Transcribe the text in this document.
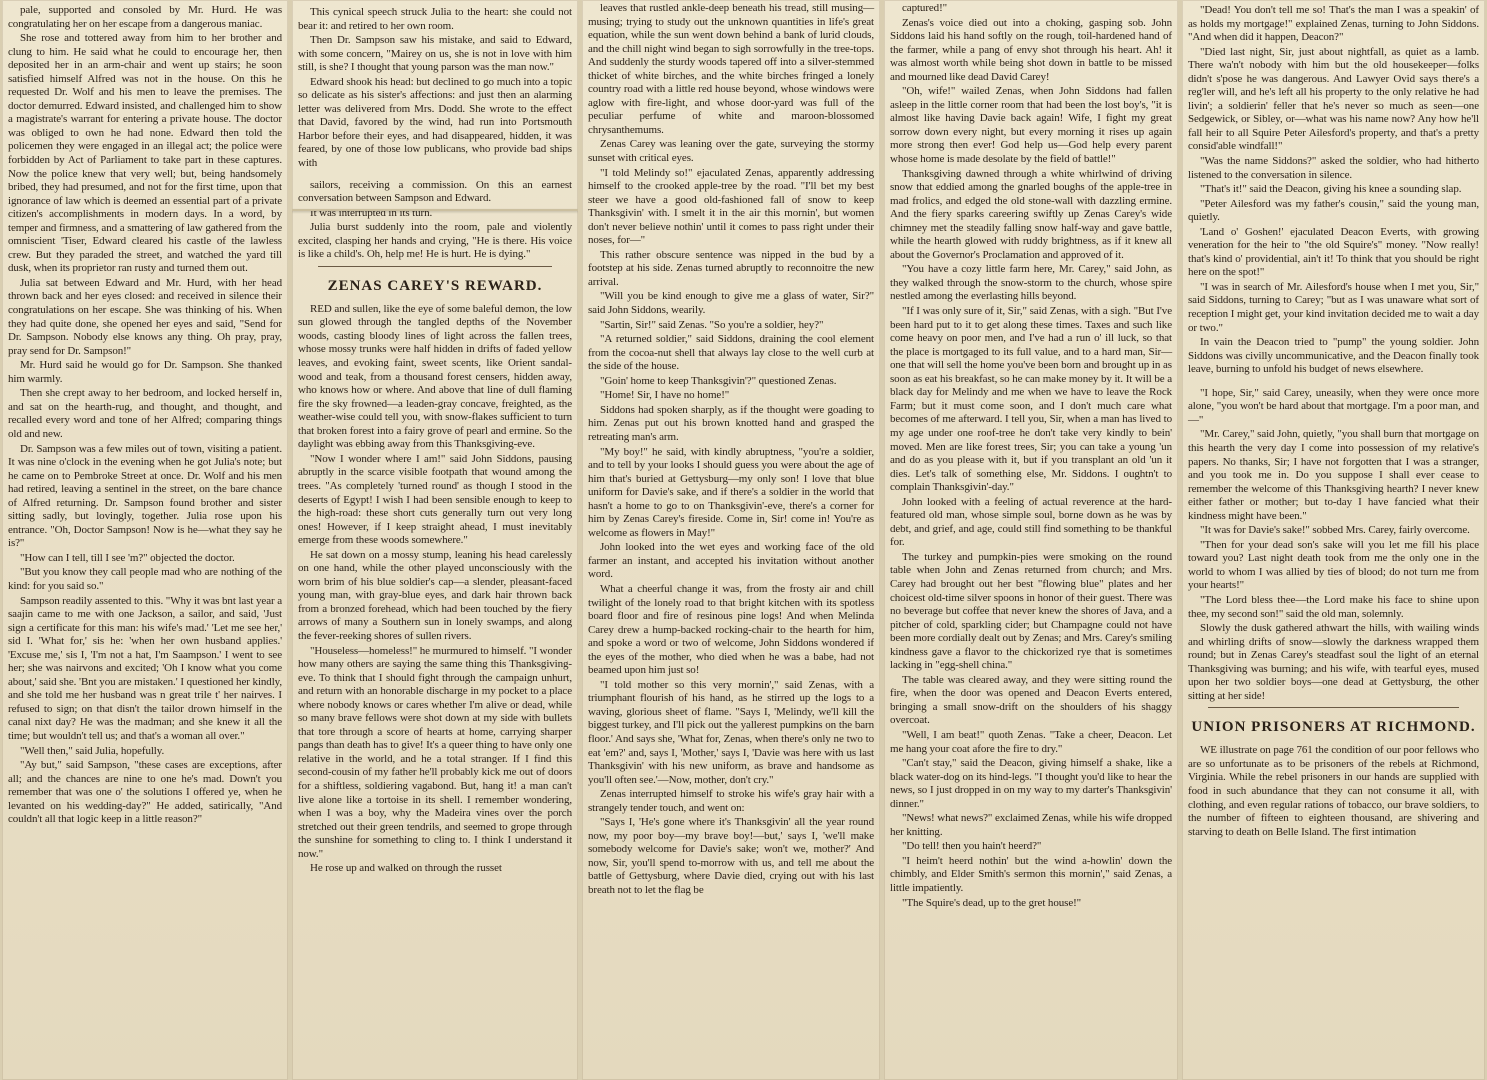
pale, supported and consoled by Mr. Hurd. He was congratulating her on her escape from a dangerous maniac.

She rose and tottered away from him to her brother and clung to him. He said what he could to encourage her, then deposited her in an arm-chair and went up stairs; he soon satisfied himself Alfred was not in the house. On this he requested Dr. Wolf and his men to leave the premises. The doctor demurred. Edward insisted, and challenged him to show a magistrate's warrant for entering a private house. The doctor was obliged to own he had none. Edward then told the policemen they were engaged in an illegal act; the police were forbidden by Act of Parliament to take part in these captures. Now the police knew that very well; but, being handsomely bribed, they had presumed, and not for the first time, upon that ignorance of law which is deemed an essential part of a private citizen's accomplishments in modern days. In a word, by temper and firmness, and a smattering of law gathered from the omniscient 'Tiser, Edward cleared his castle of the lawless crew. But they paraded the street, and watched the yard till dusk, when its proprietor ran rusty and turned them out.

Julia sat between Edward and Mr. Hurd, with her head thrown back and her eyes closed: and received in silence their congratulations on her escape. She was thinking of his. When they had quite done, she opened her eyes and said, "Send for Dr. Sampson. Nobody else knows any thing. Oh pray, pray, pray send for Dr. Sampson!"

Mr. Hurd said he would go for Dr. Sampson. She thanked him warmly.

Then she crept away to her bedroom, and locked herself in, and sat on the hearth-rug, and thought, and thought, and recalled every word and tone of her Alfred; comparing things old and new.

Dr. Sampson was a few miles out of town, visiting a patient. It was nine o'clock in the evening when he got Julia's note; but he came on to Pembroke Street at once. Dr. Wolf and his men had retired, leaving a sentinel in the street, on the bare chance of Alfred returning. Dr. Sampson found brother and sister sitting sadly, but lovingly, together. Julia rose upon his entrance. "Oh, Doctor Sampson! Now is he—what they say he is?"

"How can I tell, till I see 'm?" objected the doctor.

"But you know they call people mad who are nothing of the kind: for you said so."

Sampson readily assented to this. "Why it was bnt last year a saajin came to me with one Jackson, a sailor, and said, 'Just sign a certificate for this man: his wife's mad.' 'Let me see her,' sid I. 'What for,' sis he: 'when her own husband applies.' 'Excuse me,' sis I, 'I'm not a hat, I'm Saampson.' I went to see her; she was nairvons and excited; 'Oh I know what you come about,' said she. 'Bnt you are mistaken.' I questioned her kindly, and she told me her husband was n great trile t' her nairves. I refused to sign; on that disn't the tailor drown himself in the canal nixt day? He was the madman; and she knew it all the time; but wouldn't tell us; and that's a woman all over."

"Well then," said Julia, hopefully.

"Ay but," said Sampson, "these cases are exceptions, after all; and the chances are nine to one he's mad. Down't you remember that was one o' the solutions I offered ye, when he levanted on his wedding-day?" He added, satirically, "And couldn't all that logic keep in a little reason?"

This cynical speech struck Julia to the heart: she could not bear it: and retired to her own room.

Then Dr. Sampson saw his mistake, and said to Edward, with some concern, "Mairey on us, she is not in love with him still, is she? I thought that young parson was the man now."

Edward shook his head: but declined to go much into a topic so delicate as his sister's affections: and just then an alarming letter was delivered from Mrs. Dodd. She wrote to the effect that David, favored by the wind, had run into Portsmouth Harbor before their eyes, and had disappeared, hidden, it was feared, by one of those low publicans, who provide bad ships with

sailors, receiving a commission. On this an earnest conversation between Sampson and Edward.

It was interrupted in its turn.

Julia burst suddenly into the room, pale and violently excited, clasping her hands and crying, "He is there. His voice is like a child's. Oh, help me! He is hurt. He is dying."

ZENAS CAREY'S REWARD.

RED and sullen, like the eye of some baleful demon, the low sun glowed through the tangled depths of the November woods, casting bloody lines of light across the fallen trees, whose mossy trunks were half hidden in drifts of faded yellow leaves, and evoking faint, sweet scents, like Orient sandal-wood and teak, from a thousand forest censers, hidden away, who knows how or where. And above that line of dull flaming fire the sky frowned—a leaden-gray concave, freighted, as the weather-wise could tell you, with snow-flakes sufficient to turn that broken forest into a fairy grove of pearl and ermine. So the daylight was ebbing away from this Thanksgiving-eve.

"Now I wonder where I am!" said John Siddons, pausing abruptly in the scarce visible footpath that wound among the trees. "As completely 'turned round' as though I stood in the deserts of Egypt! I wish I had been sensible enough to keep to the high-road: these short cuts generally turn out very long ones! However, if I keep straight ahead, I must inevitably emerge from these woods somewhere."

He sat down on a mossy stump, leaning his head carelessly on one hand, while the other played unconsciously with the worn brim of his blue soldier's cap—a slender, pleasant-faced young man, with gray-blue eyes, and dark hair thrown back from a bronzed forehead, which had been touched by the fiery arrows of many a Southern sun in lonely swamps, and along the fever-reeking shores of sullen rivers.

"Houseless—homeless!" he murmured to himself. "I wonder how many others are saying the same thing this Thanksgiving-eve. To think that I should fight through the campaign unhurt, and return with an honorable discharge in my pocket to a place where nobody knows or cares whether I'm alive or dead, while so many brave fellows were shot down at my side with bullets that tore through a score of hearts at home, carrying sharper pangs than death has to give! It's a queer thing to have only one relative in the world, and he a total stranger. If I find this second-cousin of my father he'll probably kick me out of doors for a shiftless, soldiering vagabond. But, hang it! a man can't live alone like a tortoise in its shell. I remember wondering, when I was a boy, why the Madeira vines over the porch stretched out their green tendrils, and seemed to grope through the sunshine for something to cling to. I think I understand it now."

He rose up and walked on through the russet

leaves that rustled ankle-deep beneath his tread, still musing—musing; trying to study out the unknown quantities in life's great equation, while the sun went down behind a bank of lurid clouds, and the chill night wind began to sigh sorrowfully in the tree-tops. And suddenly the sturdy woods tapered off into a silver-stemmed thicket of white birches, and the white birches fringed a lonely country road with a little red house beyond, whose windows were aglow with fire-light, and whose door-yard was full of the peculiar perfume of white and maroon-blossomed chrysanthemums.

Zenas Carey was leaning over the gate, surveying the stormy sunset with critical eyes.

"I told Melindy so!" ejaculated Zenas, apparently addressing himself to the crooked apple-tree by the road. "I'll bet my best steer we have a good old-fashioned fall of snow to keep Thanksgivin' with. I smelt it in the air this mornin', but women don't never believe nothin' until it comes to pass right under their noses, for—"

This rather obscure sentence was nipped in the bud by a footstep at his side. Zenas turned abruptly to reconnoitre the new arrival.

"Will you be kind enough to give me a glass of water, Sir?" said John Siddons, wearily.

"Sartin, Sir!" said Zenas. "So you're a soldier, hey?"

"A returned soldier," said Siddons, draining the cool element from the cocoa-nut shell that always lay close to the well curb at the side of the house.

"Goin' home to keep Thanksgivin'?" questioned Zenas.

"Home! Sir, I have no home!"

Siddons had spoken sharply, as if the thought were goading to him. Zenas put out his brown knotted hand and grasped the retreating man's arm.

"My boy!" he said, with kindly abruptness, "you're a soldier, and to tell by your looks I should guess you were about the age of him that's buried at Gettysburg—my only son! I love that blue uniform for Davie's sake, and if there's a soldier in the world that hasn't a home to go to on Thanksgivin'-eve, there's a corner for him by Zenas Carey's fireside. Come in, Sir! come in! You're as welcome as flowers in May!"

John looked into the wet eyes and working face of the old farmer an instant, and accepted his invitation without another word.

What a cheerful change it was, from the frosty air and chill twilight of the lonely road to that bright kitchen with its spotless board floor and fire of resinous pine logs! And when Melinda Carey drew a hump-backed rocking-chair to the hearth for him, and spoke a word or two of welcome, John Siddons wondered if the eyes of the mother, who died when he was a babe, had not beamed upon him just so!

"I told mother so this very mornin'," said Zenas, with a triumphant flourish of his hand, as he stirred up the logs to a waving, glorious sheet of flame. "Says I, 'Melindy, we'll kill the biggest turkey, and I'll pick out the yallerest pumpkins on the barn floor.' And says she, 'What for, Zenas, when there's only ne two to eat 'em?' and, says I, 'Mother,' says I, 'Davie was here with us last Thanksgivin' with his new uniform, as brave and handsome as you'll often see.'—Now, mother, don't cry."

Zenas interrupted himself to stroke his wife's gray hair with a strangely tender touch, and went on:

"Says I, 'He's gone where it's Thanksgivin' all the year round now, my poor boy—my brave boy!—but,' says I, 'we'll make somebody welcome for Davie's sake; won't we, mother?' And now, Sir, you'll spend to-morrow with us, and tell me about the battle of Gettysburg, where Davie died, crying out with his last breath not to let the flag be

captured!"

Zenas's voice died out into a choking, gasping sob. John Siddons laid his hand softly on the rough, toil-hardened hand of the farmer, while a pang of envy shot through his heart. Ah! it was almost worth while being shot down in battle to be missed and mourned like dead David Carey!

"Oh, wife!" wailed Zenas, when John Siddons had fallen asleep in the little corner room that had been the lost boy's, "it is almost like having Davie back again! Wife, I fight my great sorrow down every night, but every morning it rises up again more strong then ever! God help us—God help every parent whose home is made desolate by the field of battle!"

Thanksgiving dawned through a white whirlwind of driving snow that eddied among the gnarled boughs of the apple-tree in mad frolics, and edged the old stone-wall with dazzling ermine. And the fiery sparks careering swiftly up Zenas Carey's wide chimney met the steadily falling snow half-way and gave battle, while the hearth glowed with ruddy brightness, as if it knew all about the Governor's Proclamation and approved of it.

"You have a cozy little farm here, Mr. Carey," said John, as they walked through the snow-storm to the church, whose spire nestled among the everlasting hills beyond.

"If I was only sure of it, Sir," said Zenas, with a sigh. "But I've been hard put to it to get along these times. Taxes and such like come heavy on poor men, and I've had a run o' ill luck, so that the place is mortgaged to its full value, and to a hard man, Sir—one that will sell the home you've been born and brought up in as soon as eat his breakfast, so he can make money by it. It will be a black day for Melindy and me when we have to leave the Rock Farm; but it must come soon, and I don't much care what becomes of me afterward. I tell you, Sir, when a man has lived to my age under one roof-tree he don't take very kindly to bein' moved. Men are like forest trees, Sir; you can take a young 'un and do as you please with it, but if you transplant an old 'un it dies. Let's talk of something else, Mr. Siddons. I oughtn't to complain Thanksgivin'-day."

John looked with a feeling of actual reverence at the hard-featured old man, whose simple soul, borne down as he was by debt, and grief, and age, could still find something to be thankful for.

The turkey and pumpkin-pies were smoking on the round table when John and Zenas returned from church; and Mrs. Carey had brought out her best "flowing blue" plates and her choicest old-time silver spoons in honor of their guest. There was no beverage but coffee that never knew the shores of Java, and a pitcher of cold, sparkling cider; but Champagne could not have been more cordially dealt out by Zenas; and Mrs. Carey's smiling kindness gave a flavor to the chickorized rye that is sometimes lacking in "egg-shell china."

The table was cleared away, and they were sitting round the fire, when the door was opened and Deacon Everts entered, bringing a small snow-drift on the shoulders of his shaggy overcoat.

"Well, I am beat!" quoth Zenas. "Take a cheer, Deacon. Let me hang your coat afore the fire to dry."

"Can't stay," said the Deacon, giving himself a shake, like a black water-dog on its hind-legs. "I thought you'd like to hear the news, so I just dropped in on my way to my darter's Thanksgivin' dinner."

"News! what news?" exclaimed Zenas, while his wife dropped her knitting.

"Do tell! then you hain't heerd?"

"I heim't heerd nothin' but the wind a-howlin' down the chimbly, and Elder Smith's sermon this mornin'," said Zenas, a little impatiently.

"The Squire's dead, up to the gret house!"

"Dead! You don't tell me so! That's the man I was a speakin' of as holds my mortgage!" explained Zenas, turning to John Siddons. "And when did it happen, Deacon?"

"Died last night, Sir, just about nightfall, as quiet as a lamb. There wa'n't nobody with him but the old housekeeper—folks didn't s'pose he was dangerous. And Lawyer Ovid says there's a reg'ler will, and he's left all his property to the only relative he had livin'; a soldierin' feller that he's never so much as seen—one Sedgewick, or Sibley, or—what was his name now? Any how he'll fall heir to all Squire Peter Ailesford's property, and that's a pretty consid'able windfall!"

"Was the name Siddons?" asked the soldier, who had hitherto listened to the conversation in silence.

"That's it!" said the Deacon, giving his knee a sounding slap.

"Peter Ailesford was my father's cousin," said the young man, quietly.

'Land o' Goshen!' ejaculated Deacon Everts, with growing veneration for the heir to "the old Squire's" money. "Now really! that's kind o' providential, ain't it! To think that you should be right here on the spot!"

"I was in search of Mr. Ailesford's house when I met you, Sir," said Siddons, turning to Carey; "but as I was unaware what sort of reception I might get, your kind invitation decided me to wait a day or two."

In vain the Deacon tried to "pump" the young soldier. John Siddons was civilly uncommunicative, and the Deacon finally took leave, burning to unfold his budget of news elsewhere.

"I hope, Sir," said Carey, uneasily, when they were once more alone, "you won't be hard about that mortgage. I'm a poor man, and—"

"Mr. Carey," said John, quietly, "you shall burn that mortgage on this hearth the very day I come into possession of my relative's papers. No thanks, Sir; I have not forgotten that I was a stranger, and you took me in. Do you suppose I shall ever cease to remember the welcome of this Thanksgiving hearth? I never knew either father or mother; but to-day I have fancied what their kindness might have been."

"It was for Davie's sake!" sobbed Mrs. Carey, fairly overcome.

"Then for your dead son's sake will you let me fill his place toward you? Last night death took from me the only one in the world to whom I was allied by ties of blood; do not turn me from your hearts!"

"The Lord bless thee—the Lord make his face to shine upon thee, my second son!" said the old man, solemnly.

Slowly the dusk gathered athwart the hills, with wailing winds and whirling drifts of snow—slowly the darkness wrapped them round; but in Zenas Carey's steadfast soul the light of an eternal Thanksgiving was burning; and his wife, with tearful eyes, mused upon her two soldier boys—one dead at Gettysburg, the other sitting at her side!

UNION PRISONERS AT RICHMOND.

WE illustrate on page 761 the condition of our poor fellows who are so unfortunate as to be prisoners of the rebels at Richmond, Virginia. While the rebel prisoners in our hands are supplied with food in such abundance that they can not consume it all, with clothing, and even regular rations of tobacco, our brave soldiers, to the number of fifteen to eighteen thousand, are shivering and starving to death on Belle Island. The first intimation
